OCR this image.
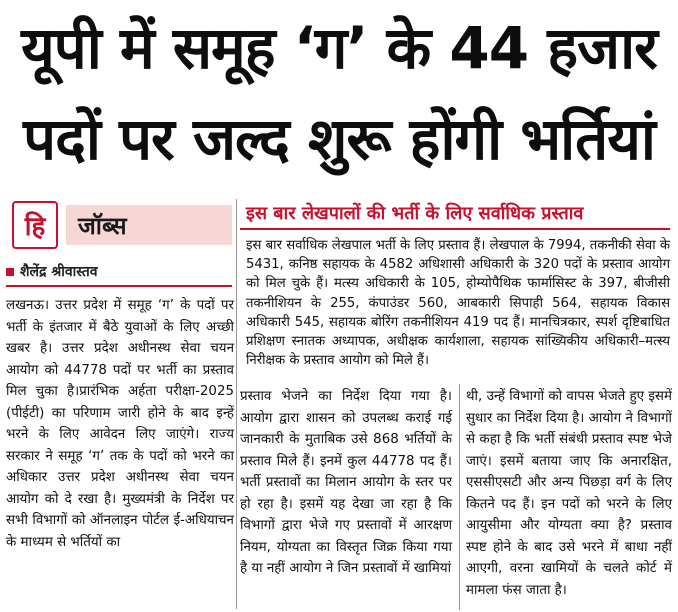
यूपी में समूह ‘ग’ के 44 हजार
पदों पर जल्द शुरू होंगी भर्तियां
हि	जॉब्स
शैलेंद्र श्रीवास्तव
इस बार लेखपालों की भर्ती के लिए सर्वाधिक प्रस्ताव
इस बार सर्वाधिक लेखपाल भर्ती के लिए प्रस्ताव हैं। लेखपाल के 7994, तकनीकी सेवा के 5431, कनिष्ठ सहायक के 4582 अधिशासी अधिकारी के 320 पदों के प्रस्ताव आयोग को मिल चुके हैं। मत्स्य अधिकारी के 105, होम्योपैथिक फार्मासिस्ट के 397, बीजीसी तकनीशियन के 255, कंपाउंडर 560, आबकारी सिपाही 564, सहायक विकास अधिकारी 545, सहायक बोरिंग तकनीशियन 419 पद हैं। मानचित्रकार, स्पर्श दृष्टिबाधित प्रशिक्षण स्नातक अध्यापक, अधीक्षक कार्यशाला, सहायक सांख्यिकीय अधिकारी–मत्स्य निरीक्षक के प्रस्ताव आयोग को मिले हैं।
लखनऊ। उत्तर प्रदेश में समूह ‘ग’ के पदों पर भर्ती के इंतजार में बैठे युवाओं के लिए अच्छी खबर है। उत्तर प्रदेश अधीनस्थ सेवा चयन आयोग को 44778 पदों पर भर्ती का प्रस्ताव मिल चुका है।प्रारंभिक अर्हता परीक्षा-2025 (पीईटी) का परिणाम जारी होने के बाद इन्हें भरने के लिए आवेदन लिए जाएंगे। राज्य सरकार ने समूह ‘ग’ तक के पदों को भरने का अधिकार उत्तर प्रदेश अधीनस्थ सेवा चयन आयोग को दे रखा है। मुख्यमंत्री के निर्देश पर सभी विभागों को ऑनलाइन पोर्टल ई-अधियाचन के माध्यम से भर्तियों का
प्रस्ताव भेजने का निर्देश दिया गया है। आयोग द्वारा शासन को उपलब्ध कराई गई जानकारी के मुताबिक उसे 868 भर्तियों के प्रस्ताव मिले हैं। इनमें कुल 44778 पद हैं। भर्ती प्रस्तावों का मिलान आयोग के स्तर पर हो रहा है। इसमें यह देखा जा रहा है कि विभागों द्वारा भेजे गए प्रस्तावों में आरक्षण नियम, योग्यता का विस्तृत जिक्र किया गया है या नहीं आयोग ने जिन प्रस्तावों में खामियां
थी, उन्हें विभागों को वापस भेजते हुए इसमें सुधार का निर्देश दिया है। आयोग ने विभागों से कहा है कि भर्ती संबंधी प्रस्ताव स्पष्ट भेजे जाएं। इसमें बताया जाए कि अनारक्षित, एससीएसटी और अन्य पिछड़ा वर्ग के लिए कितने पद हैं। इन पदों को भरने के लिए आयुसीमा और योग्यता क्या है? प्रस्ताव स्पष्ट होने के बाद उसे भरने में बाधा नहीं आएगी, वरना खामियों के चलते कोर्ट में मामला फंस जाता है।
